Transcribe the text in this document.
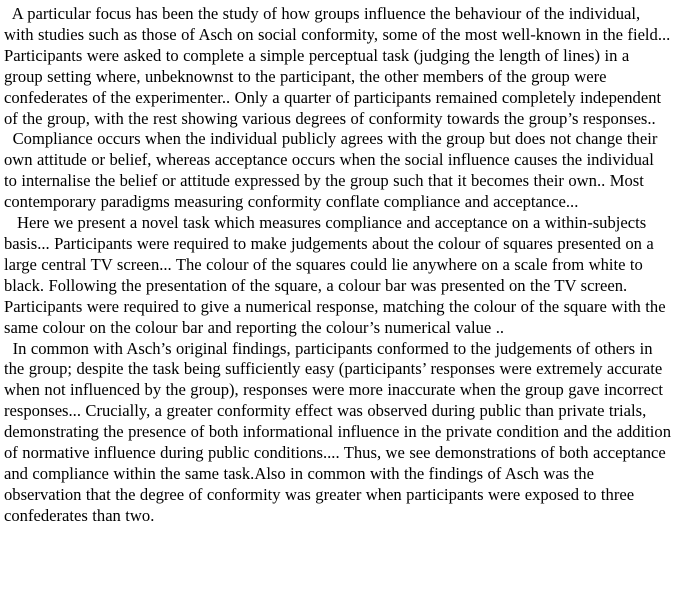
A particular focus has been the study of how groups influence the behaviour of the individual, with studies such as those of Asch on social conformity, some of the most well-known in the field... Participants were asked to complete a simple perceptual task (judging the length of lines) in a group setting where, unbeknownst to the participant, the other members of the group were confederates of the experimenter.. Only a quarter of participants remained completely independent of the group, with the rest showing various degrees of conformity towards the group’s responses..

Compliance occurs when the individual publicly agrees with the group but does not change their own attitude or belief, whereas acceptance occurs when the social influence causes the individual to internalise the belief or attitude expressed by the group such that it becomes their own.. Most contemporary paradigms measuring conformity conflate compliance and acceptance...

Here we present a novel task which measures compliance and acceptance on a within-subjects basis... Participants were required to make judgements about the colour of squares presented on a large central TV screen... The colour of the squares could lie anywhere on a scale from white to black. Following the presentation of the square, a colour bar was presented on the TV screen. Participants were required to give a numerical response, matching the colour of the square with the same colour on the colour bar and reporting the colour’s numerical value ..

In common with Asch’s original findings, participants conformed to the judgements of others in the group; despite the task being sufficiently easy (participants’ responses were extremely accurate when not influenced by the group), responses were more inaccurate when the group gave incorrect responses... Crucially, a greater conformity effect was observed during public than private trials, demonstrating the presence of both informational influence in the private condition and the addition of normative influence during public conditions.... Thus, we see demonstrations of both acceptance and compliance within the same task.Also in common with the findings of Asch was the observation that the degree of conformity was greater when participants were exposed to three confederates than two.
